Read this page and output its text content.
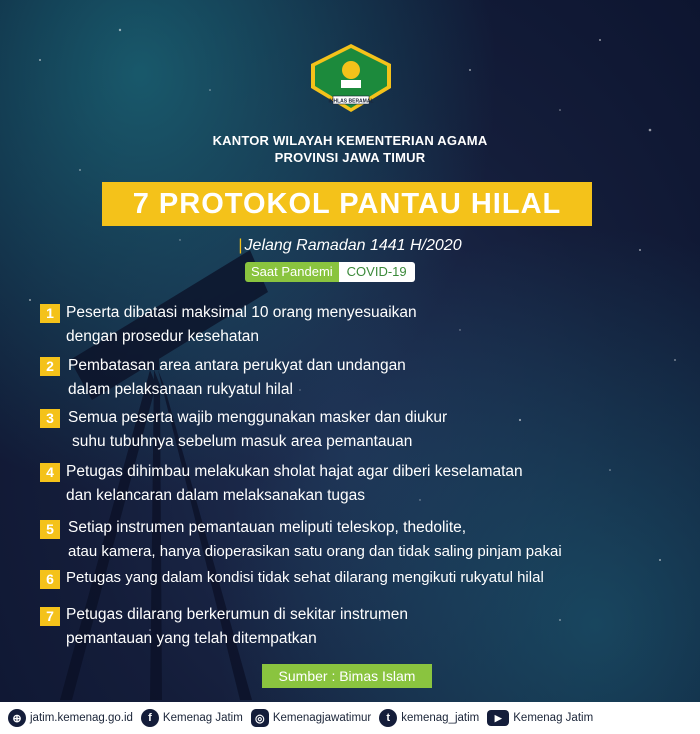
IKHLAS BERAMAL
KANTOR WILAYAH KEMENTERIAN AGAMA
PROVINSI JAWA TIMUR
7 PROTOKOL PANTAU HILAL
| Jelang Ramadan 1441 H/2020
Saat Pandemi	COVID-19
1 Peserta dibatasi maksimal 10 orang menyesuaikan
dengan prosedur kesehatan
2 Pembatasan area antara perukyat dan undangan
dalam pelaksanaan rukyatul hilal
3 Semua peserta wajib menggunakan masker dan diukur
suhu tubuhnya sebelum masuk area pemantauan
4 Petugas dihimbau melakukan sholat hajat agar diberi keselamatan
dan kelancaran dalam melaksanakan tugas
5 Setiap instrumen pemantauan meliputi teleskop, thedolite,
atau kamera, hanya dioperasikan satu orang dan tidak saling pinjam pakai
6 Petugas yang dalam kondisi tidak sehat dilarang mengikuti rukyatul hilal
7 Petugas dilarang berkerumun di sekitar instrumen
pemantauan yang telah ditempatkan
Sumber : Bimas Islam
⊕ jatim.kemenag.go.id	f Kemenag Jatim	◎ Kemenagjawatimur	t kemenag_jatim	▶	Kemenag Jatim
